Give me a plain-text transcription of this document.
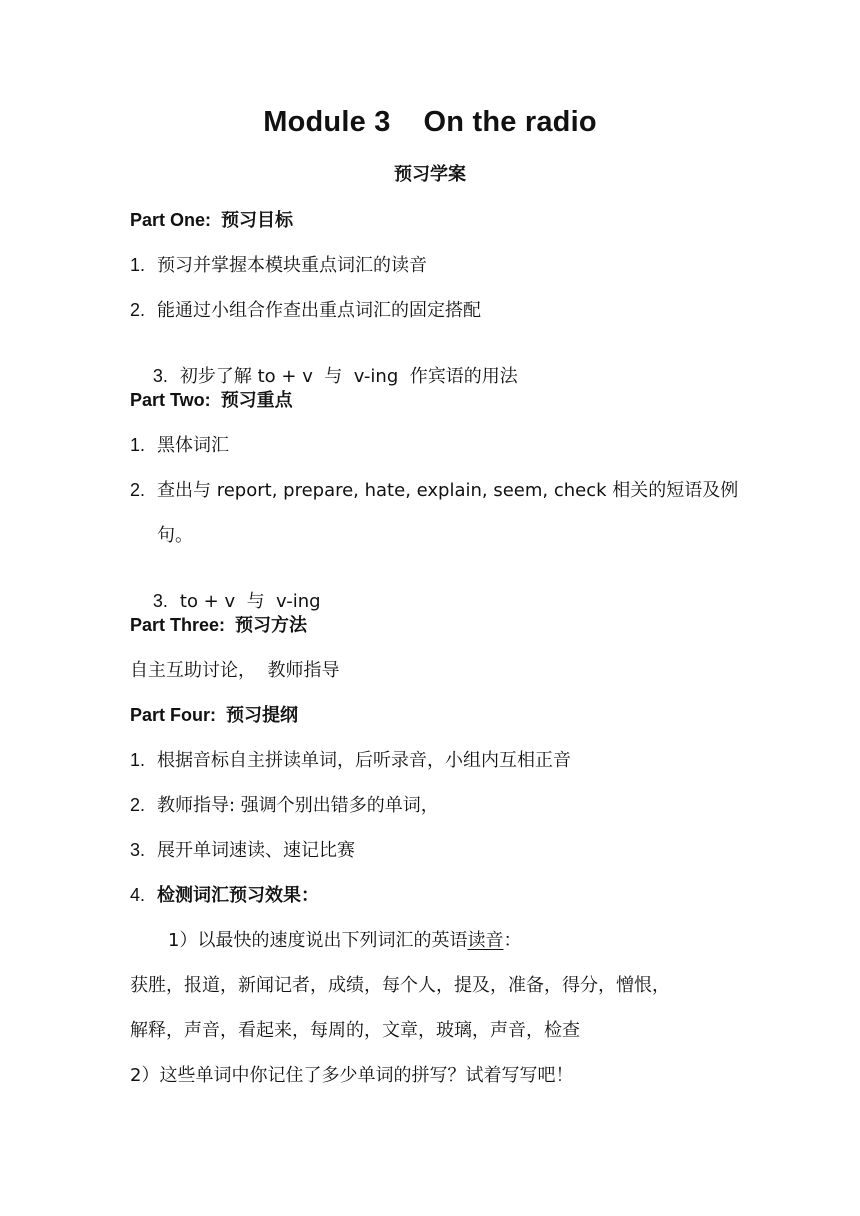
Module 3    On the radio
预习学案
Part One: 预习目标
1. 预习并掌握本模块重点词汇的读音
2. 能通过小组合作查出重点词汇的固定搭配

3. 初步了解 to + v  与  v-ing  作宾语的用法

Part Two: 预习重点
1. 黑体词汇
2. 查出与 report, prepare, hate, explain, seem, check 相关的短语及例
句。

3. to + v  与  v-ing

Part Three: 预习方法
自主互助讨论，  教师指导
Part Four: 预习提纲
1. 根据音标自主拼读单词，后听录音，小组内互相正音
2. 教师指导: 强调个别出错多的单词，
3. 展开单词速读、速记比赛
4. 检测词汇预习效果：
1）以最快的速度说出下列词汇的英语读音：
获胜，报道，新闻记者，成绩，每个人，提及，准备，得分，憎恨，
解释，声音，看起来，每周的，文章，玻璃，声音，检查
2）这些单词中你记住了多少单词的拼写？试着写写吧！
